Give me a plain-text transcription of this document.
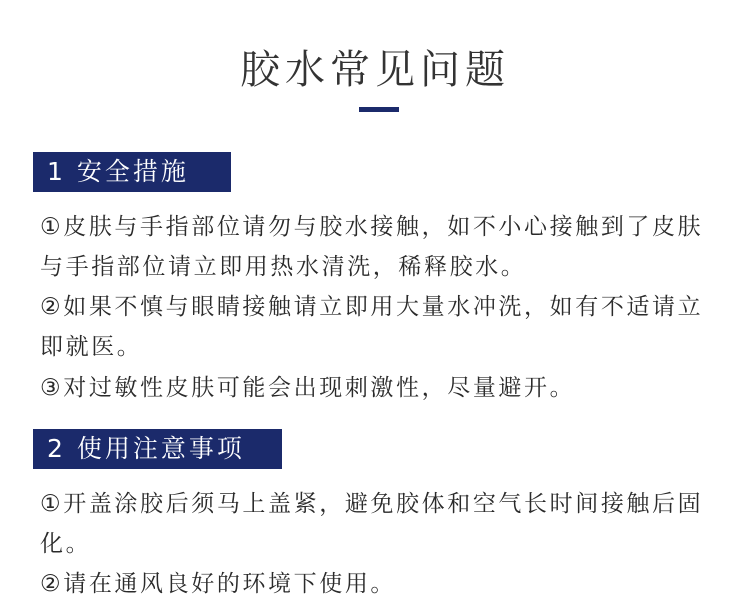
胶水常见问题
1 安全措施

①皮肤与手指部位请勿与胶水接触，如不小心接触到了皮肤与手指部位请立即用热水清洗，稀释胶水。

②如果不慎与眼睛接触请立即用大量水冲洗，如有不适请立即就医。

③对过敏性皮肤可能会出现刺激性，尽量避开。

2 使用注意事项

①开盖涂胶后须马上盖紧，避免胶体和空气长时间接触后固化。

②请在通风良好的环境下使用。
